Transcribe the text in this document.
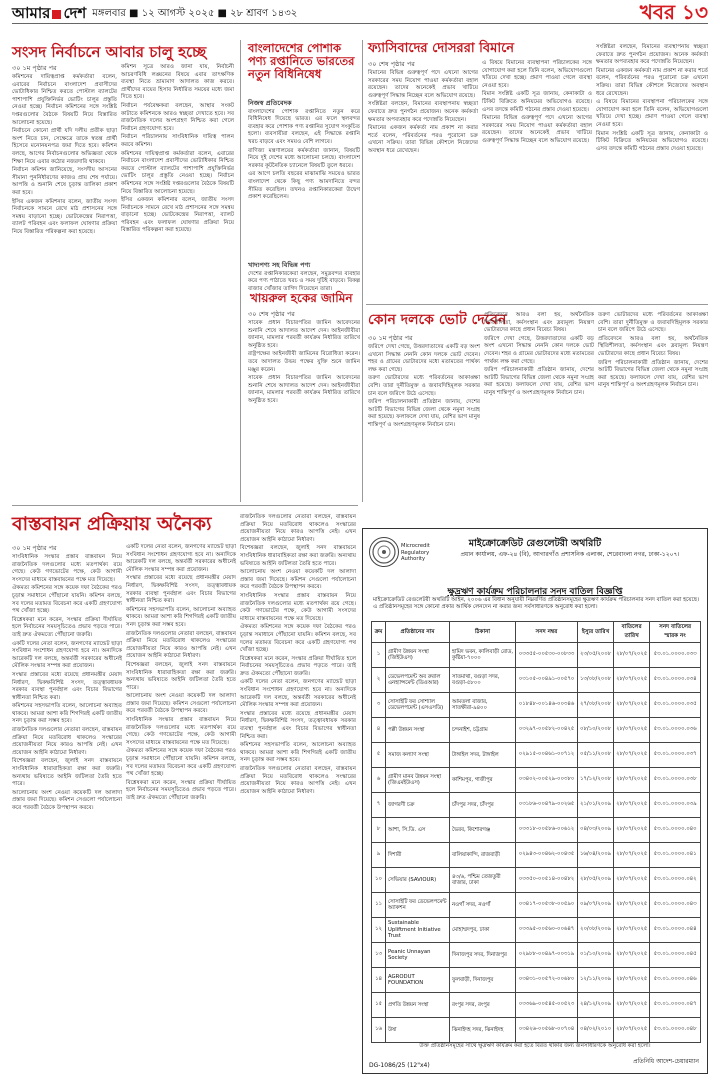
আমার দেশ মঙ্গলবার ■ ১২ আগস্ট ২০২৫ ■ ২৮ শ্রাবণ ১৪৩২	খবর ১৩
সংসদ নির্বাচনে আবার চালু হচ্ছে

৩০ ১ম পৃষ্ঠার পর

কমিশনের দায়িত্বপ্রাপ্ত কর্মকর্তারা বলেন, এবারের নির্বাচনে বাংলাদেশ প্রবাসীদের ভোটাধিকার নিশ্চিত করতে পোস্টাল ব্যালটের পাশাপাশি প্রযুক্তিনির্ভর ভোটিং চালুর প্রস্তুতি নেওয়া হচ্ছে। নির্বাচন কমিশনের সঙ্গে সংশ্লিষ্ট দপ্তরগুলোর বৈঠকে বিষয়টি নিয়ে বিস্তারিত আলোচনা হয়েছে।

নির্বাচনে কোনো প্রার্থী যদি দলীয় প্রতীক ছাড়া অংশ নিতে চান, সেক্ষেত্রে তাকে স্বতন্ত্র প্রার্থী হিসেবে মনোনয়নপত্র জমা দিতে হবে। কমিশন বলছে, আগের নির্বাচনগুলোর অভিজ্ঞতা থেকে শিক্ষা নিয়ে এবার কঠোর নজরদারি থাকবে।

নির্বাচন কমিশন জানিয়েছে, সংসদীয় আসনের সীমানা পুনর্নির্ধারণের কাজও প্রায় শেষ পর্যায়ে। আপত্তি ও শুনানি শেষে চূড়ান্ত তালিকা প্রকাশ করা হবে।

ইসির একজন কমিশনার বলেন, জাতীয় সংসদ নির্বাচনকে সামনে রেখে মাঠ প্রশাসনের সঙ্গে সমন্বয় বাড়ানো হচ্ছে। ভোটকেন্দ্রের নিরাপত্তা, ব্যালট পরিবহন এবং ফলাফল ঘোষণার প্রক্রিয়া নিয়ে বিস্তারিত পরিকল্পনা করা হয়েছে।

কমিশন সূত্রে আরও জানা যায়, নির্বাচনী আচরণবিধি লঙ্ঘনের বিষয়ে এবার তাৎক্ষণিক ব্যবস্থা নিতে ভ্রাম্যমাণ আদালত কাজ করবে। প্রার্থীদের ব্যয়ের হিসাব নির্ধারিত সময়ের মধ্যে জমা দিতে হবে।

নির্বাচন পর্যবেক্ষকরা বলছেন, আস্থার সংকট কাটাতে কমিশনকে আরও স্বচ্ছতা দেখাতে হবে। সব রাজনৈতিক দলের অংশগ্রহণ নিশ্চিত করা গেলে নির্বাচন গ্রহণযোগ্য হবে।

নির্বাচন পরিচালনায় সাংবিধানিক দায়িত্ব পালন করবে কমিশন।

কমিশনের দায়িত্বপ্রাপ্ত কর্মকর্তারা বলেন, এবারের নির্বাচনে বাংলাদেশ প্রবাসীদের ভোটাধিকার নিশ্চিত করতে পোস্টাল ব্যালটের পাশাপাশি প্রযুক্তিনির্ভর ভোটিং চালুর প্রস্তুতি নেওয়া হচ্ছে। নির্বাচন কমিশনের সঙ্গে সংশ্লিষ্ট দপ্তরগুলোর বৈঠকে বিষয়টি নিয়ে বিস্তারিত আলোচনা হয়েছে।

ইসির একজন কমিশনার বলেন, জাতীয় সংসদ নির্বাচনকে সামনে রেখে মাঠ প্রশাসনের সঙ্গে সমন্বয় বাড়ানো হচ্ছে। ভোটকেন্দ্রের নিরাপত্তা, ব্যালট পরিবহন এবং ফলাফল ঘোষণার প্রক্রিয়া নিয়ে বিস্তারিত পরিকল্পনা করা হয়েছে।

বাংলাদেশের পোশাক পণ্য রপ্তানিতে ভারতের নতুন বিধিনিষেধ

নিজস্ব প্রতিবেদক

বাংলাদেশের পোশাক রপ্তানিতে নতুন করে বিধিনিষেধ দিয়েছে ভারত। এর ফলে স্থলবন্দর ব্যবহার করে পোশাক পণ্য রপ্তানির সুযোগ সংকুচিত হলো। ব্যবসায়ীরা বলছেন, এই সিদ্ধান্তে রপ্তানি খরচ বাড়বে এবং সময়ও বেশি লাগবে।

বাণিজ্য মন্ত্রণালয়ের কর্মকর্তারা জানান, বিষয়টি নিয়ে দুই দেশের মধ্যে আলোচনা চলছে। বাংলাদেশ সরকার কূটনৈতিক চ্যানেলে বিষয়টি তুলে ধরবে।

এর আগে চলতি বছরের মাঝামাঝি সময়েও ভারত বাংলাদেশ থেকে কিছু পণ্য আমদানিতে বন্দর সীমিত করেছিল। তখনও রপ্তানিকারকেরা উদ্বেগ প্রকাশ করেছিলেন।

খাদ্যপণ্য সহ বিভিন্ন পণ্য

দেশের রপ্তানিকারকেরা বলছেন, সমুদ্রবন্দর ব্যবহার করে পণ্য পাঠাতে খরচ ও সময় দুটিই বাড়বে। বিকল্প বাজার খোঁজার তাগিদ দিয়েছেন তারা।

খায়রুল হকের জামিন

৩০ শেষ পৃষ্ঠার পর

সাবেক প্রধান বিচারপতির জামিন আবেদনের শুনানি শেষে আদালত আদেশ দেন। আইনজীবীরা জানান, মামলার পরবর্তী কার্যক্রম নির্ধারিত তারিখে অনুষ্ঠিত হবে।

রাষ্ট্রপক্ষের আইনজীবী জামিনের বিরোধিতা করেন। তবে আদালত উভয় পক্ষের যুক্তি শুনে জামিন মঞ্জুর করেন।

সাবেক প্রধান বিচারপতির জামিন আবেদনের শুনানি শেষে আদালত আদেশ দেন। আইনজীবীরা জানান, মামলার পরবর্তী কার্যক্রম নির্ধারিত তারিখে অনুষ্ঠিত হবে।

ফ্যাসিবাদের দোসররা বিমানে

৩০ শেষ পৃষ্ঠার পর

বিমানের বিভিন্ন গুরুত্বপূর্ণ পদে এখনো আগের সরকারের সময় নিয়োগ পাওয়া কর্মকর্তারা বহাল রয়েছেন। তাদের অনেকেই প্রভাব খাটিয়ে গুরুত্বপূর্ণ সিদ্ধান্ত নিচ্ছেন বলে অভিযোগ রয়েছে।

সংশ্লিষ্টরা বলছেন, বিমানের ব্যবস্থাপনায় স্বচ্ছতা ফেরাতে দ্রুত পুনর্গঠন প্রয়োজন। অনেক কর্মকর্তা ক্ষমতার অপব্যবহার করে পদোন্নতি নিয়েছেন।

বিমানের একজন কর্মকর্তা নাম প্রকাশ না করার শর্তে বলেন, পরিবর্তনের পরও পুরোনো চক্র এখনো সক্রিয়। তারা বিভিন্ন কৌশলে নিজেদের অবস্থান ধরে রেখেছেন।

এ বিষয়ে বিমানের ব্যবস্থাপনা পরিচালকের সঙ্গে যোগাযোগ করা হলে তিনি বলেন, অভিযোগগুলো খতিয়ে দেখা হচ্ছে। প্রমাণ পাওয়া গেলে ব্যবস্থা নেওয়া হবে।

বিমান সংশ্লিষ্ট একটি সূত্র জানায়, কেনাকাটা ও টিকিট বিক্রিতে অনিয়মের অভিযোগও রয়েছে। এসব তদন্তে কমিটি গঠনের প্রস্তাব দেওয়া হয়েছে।

বিমানের বিভিন্ন গুরুত্বপূর্ণ পদে এখনো আগের সরকারের সময় নিয়োগ পাওয়া কর্মকর্তারা বহাল রয়েছেন। তাদের অনেকেই প্রভাব খাটিয়ে গুরুত্বপূর্ণ সিদ্ধান্ত নিচ্ছেন বলে অভিযোগ রয়েছে।

সংশ্লিষ্টরা বলছেন, বিমানের ব্যবস্থাপনায় স্বচ্ছতা ফেরাতে দ্রুত পুনর্গঠন প্রয়োজন। অনেক কর্মকর্তা ক্ষমতার অপব্যবহার করে পদোন্নতি নিয়েছেন।

বিমানের একজন কর্মকর্তা নাম প্রকাশ না করার শর্তে বলেন, পরিবর্তনের পরও পুরোনো চক্র এখনো সক্রিয়। তারা বিভিন্ন কৌশলে নিজেদের অবস্থান ধরে রেখেছেন।

এ বিষয়ে বিমানের ব্যবস্থাপনা পরিচালকের সঙ্গে যোগাযোগ করা হলে তিনি বলেন, অভিযোগগুলো খতিয়ে দেখা হচ্ছে। প্রমাণ পাওয়া গেলে ব্যবস্থা নেওয়া হবে।

বিমান সংশ্লিষ্ট একটি সূত্র জানায়, কেনাকাটা ও টিকিট বিক্রিতে অনিয়মের অভিযোগও রয়েছে। এসব তদন্তে কমিটি গঠনের প্রস্তাব দেওয়া হয়েছে।

কোন দলকে ভোট দেবেন

৩০ ১ম পৃষ্ঠার পর

জরিপে দেখা গেছে, উত্তরদাতাদের একটি বড় অংশ এখনো সিদ্ধান্ত নেননি কোন দলকে ভোট দেবেন। শহর ও গ্রামের ভোটারদের মধ্যে মতামতের পার্থক্য লক্ষ করা গেছে।

তরুণ ভোটারদের মধ্যে পরিবর্তনের আকাঙ্ক্ষা বেশি। তারা দুর্নীতিমুক্ত ও জবাবদিহিমূলক সরকার চান বলে জরিপে উঠে এসেছে।

জরিপ পরিচালনাকারী প্রতিষ্ঠান জানায়, দেশের আটটি বিভাগের বিভিন্ন জেলা থেকে নমুনা সংগ্রহ করা হয়েছে। ফলাফলে দেখা যায়, বেশির ভাগ মানুষ শান্তিপূর্ণ ও অংশগ্রহণমূলক নির্বাচন চান।

প্রতিবেদনে আরও বলা হয়, অর্থনৈতিক স্থিতিশীলতা, কর্মসংস্থান এবং দ্রব্যমূল্য নিয়ন্ত্রণ ভোটারদের কাছে প্রধান বিবেচ্য বিষয়।

জরিপে দেখা গেছে, উত্তরদাতাদের একটি বড় অংশ এখনো সিদ্ধান্ত নেননি কোন দলকে ভোট দেবেন। শহর ও গ্রামের ভোটারদের মধ্যে মতামতের পার্থক্য লক্ষ করা গেছে।

জরিপ পরিচালনাকারী প্রতিষ্ঠান জানায়, দেশের আটটি বিভাগের বিভিন্ন জেলা থেকে নমুনা সংগ্রহ করা হয়েছে। ফলাফলে দেখা যায়, বেশির ভাগ মানুষ শান্তিপূর্ণ ও অংশগ্রহণমূলক নির্বাচন চান।

তরুণ ভোটারদের মধ্যে পরিবর্তনের আকাঙ্ক্ষা বেশি। তারা দুর্নীতিমুক্ত ও জবাবদিহিমূলক সরকার চান বলে জরিপে উঠে এসেছে।

প্রতিবেদনে আরও বলা হয়, অর্থনৈতিক স্থিতিশীলতা, কর্মসংস্থান এবং দ্রব্যমূল্য নিয়ন্ত্রণ ভোটারদের কাছে প্রধান বিবেচ্য বিষয়।

জরিপ পরিচালনাকারী প্রতিষ্ঠান জানায়, দেশের আটটি বিভাগের বিভিন্ন জেলা থেকে নমুনা সংগ্রহ করা হয়েছে। ফলাফলে দেখা যায়, বেশির ভাগ মানুষ শান্তিপূর্ণ ও অংশগ্রহণমূলক নির্বাচন চান।

বাস্তবায়ন প্রক্রিয়ায় অনৈক্য

৩০ ১ম পৃষ্ঠার পর

সাংবিধানিক সংস্কার প্রস্তাব বাস্তবায়ন নিয়ে রাজনৈতিক দলগুলোর মধ্যে মতপার্থক্য রয়ে গেছে। কেউ গণভোটের পক্ষে, কেউ আগামী সংসদের মাধ্যমে বাস্তবায়নের পক্ষে মত দিয়েছে।

ঐকমত্য কমিশনের সঙ্গে কয়েক দফা বৈঠকের পরও চূড়ান্ত সমাধানে পৌঁছানো যায়নি। কমিশন বলছে, সব দলের মতামত বিবেচনা করে একটি গ্রহণযোগ্য পথ খোঁজা হচ্ছে।

বিশ্লেষকরা মনে করেন, সংস্কার প্রক্রিয়া দীর্ঘায়িত হলে নির্বাচনের সময়সূচিতেও প্রভাব পড়তে পারে। তাই দ্রুত ঐকমত্যে পৌঁছানো জরুরি।

একটি দলের নেতা বলেন, জনগণের ম্যান্ডেট ছাড়া সংবিধান সংশোধন গ্রহণযোগ্য হবে না। অন্যদিকে আরেকটি দল বলছে, অন্তর্বর্তী সরকারের অধীনেই মৌলিক সংস্কার সম্পন্ন করা প্রয়োজন।

সংস্কার প্রস্তাবের মধ্যে রয়েছে প্রধানমন্ত্রীর মেয়াদ নির্ধারণ, দ্বিকক্ষবিশিষ্ট সংসদ, তত্ত্বাবধায়ক সরকার ব্যবস্থা পুনর্বহাল এবং বিচার বিভাগের স্বাধীনতা নিশ্চিত করা।

কমিশনের সহসভাপতি বলেন, আলোচনা অব্যাহত থাকবে। আমরা আশা করি শিগগিরই একটি জাতীয় সনদ চূড়ান্ত করা সম্ভব হবে।

রাজনৈতিক দলগুলোর নেতারা বলছেন, বাস্তবায়ন প্রক্রিয়া নিয়ে মতবিরোধ থাকলেও সংস্কারের প্রয়োজনীয়তা নিয়ে কারও আপত্তি নেই। এখন প্রয়োজন আইনি কাঠামো নির্ধারণ।

বিশেষজ্ঞরা বলছেন, জুলাই সনদ বাস্তবায়নে সাংবিধানিক ধারাবাহিকতা রক্ষা করা জরুরি। অন্যথায় ভবিষ্যতে আইনি জটিলতা তৈরি হতে পারে।

আলোচনায় অংশ নেওয়া কয়েকটি দল আলাদা প্রস্তাব জমা দিয়েছে। কমিশন সেগুলো পর্যালোচনা করে পরবর্তী বৈঠকে উপস্থাপন করবে।

একটি দলের নেতা বলেন, জনগণের ম্যান্ডেট ছাড়া সংবিধান সংশোধন গ্রহণযোগ্য হবে না। অন্যদিকে আরেকটি দল বলছে, অন্তর্বর্তী সরকারের অধীনেই মৌলিক সংস্কার সম্পন্ন করা প্রয়োজন।

সংস্কার প্রস্তাবের মধ্যে রয়েছে প্রধানমন্ত্রীর মেয়াদ নির্ধারণ, দ্বিকক্ষবিশিষ্ট সংসদ, তত্ত্বাবধায়ক সরকার ব্যবস্থা পুনর্বহাল এবং বিচার বিভাগের স্বাধীনতা নিশ্চিত করা।

কমিশনের সহসভাপতি বলেন, আলোচনা অব্যাহত থাকবে। আমরা আশা করি শিগগিরই একটি জাতীয় সনদ চূড়ান্ত করা সম্ভব হবে।

রাজনৈতিক দলগুলোর নেতারা বলছেন, বাস্তবায়ন প্রক্রিয়া নিয়ে মতবিরোধ থাকলেও সংস্কারের প্রয়োজনীয়তা নিয়ে কারও আপত্তি নেই। এখন প্রয়োজন আইনি কাঠামো নির্ধারণ।

বিশেষজ্ঞরা বলছেন, জুলাই সনদ বাস্তবায়নে সাংবিধানিক ধারাবাহিকতা রক্ষা করা জরুরি। অন্যথায় ভবিষ্যতে আইনি জটিলতা তৈরি হতে পারে।

আলোচনায় অংশ নেওয়া কয়েকটি দল আলাদা প্রস্তাব জমা দিয়েছে। কমিশন সেগুলো পর্যালোচনা করে পরবর্তী বৈঠকে উপস্থাপন করবে।

সাংবিধানিক সংস্কার প্রস্তাব বাস্তবায়ন নিয়ে রাজনৈতিক দলগুলোর মধ্যে মতপার্থক্য রয়ে গেছে। কেউ গণভোটের পক্ষে, কেউ আগামী সংসদের মাধ্যমে বাস্তবায়নের পক্ষে মত দিয়েছে।

ঐকমত্য কমিশনের সঙ্গে কয়েক দফা বৈঠকের পরও চূড়ান্ত সমাধানে পৌঁছানো যায়নি। কমিশন বলছে, সব দলের মতামত বিবেচনা করে একটি গ্রহণযোগ্য পথ খোঁজা হচ্ছে।

বিশ্লেষকরা মনে করেন, সংস্কার প্রক্রিয়া দীর্ঘায়িত হলে নির্বাচনের সময়সূচিতেও প্রভাব পড়তে পারে। তাই দ্রুত ঐকমত্যে পৌঁছানো জরুরি।

রাজনৈতিক দলগুলোর নেতারা বলছেন, বাস্তবায়ন প্রক্রিয়া নিয়ে মতবিরোধ থাকলেও সংস্কারের প্রয়োজনীয়তা নিয়ে কারও আপত্তি নেই। এখন প্রয়োজন আইনি কাঠামো নির্ধারণ।

বিশেষজ্ঞরা বলছেন, জুলাই সনদ বাস্তবায়নে সাংবিধানিক ধারাবাহিকতা রক্ষা করা জরুরি। অন্যথায় ভবিষ্যতে আইনি জটিলতা তৈরি হতে পারে।

আলোচনায় অংশ নেওয়া কয়েকটি দল আলাদা প্রস্তাব জমা দিয়েছে। কমিশন সেগুলো পর্যালোচনা করে পরবর্তী বৈঠকে উপস্থাপন করবে।

সাংবিধানিক সংস্কার প্রস্তাব বাস্তবায়ন নিয়ে রাজনৈতিক দলগুলোর মধ্যে মতপার্থক্য রয়ে গেছে। কেউ গণভোটের পক্ষে, কেউ আগামী সংসদের মাধ্যমে বাস্তবায়নের পক্ষে মত দিয়েছে।

ঐকমত্য কমিশনের সঙ্গে কয়েক দফা বৈঠকের পরও চূড়ান্ত সমাধানে পৌঁছানো যায়নি। কমিশন বলছে, সব দলের মতামত বিবেচনা করে একটি গ্রহণযোগ্য পথ খোঁজা হচ্ছে।

বিশ্লেষকরা মনে করেন, সংস্কার প্রক্রিয়া দীর্ঘায়িত হলে নির্বাচনের সময়সূচিতেও প্রভাব পড়তে পারে। তাই দ্রুত ঐকমত্যে পৌঁছানো জরুরি।

একটি দলের নেতা বলেন, জনগণের ম্যান্ডেট ছাড়া সংবিধান সংশোধন গ্রহণযোগ্য হবে না। অন্যদিকে আরেকটি দল বলছে, অন্তর্বর্তী সরকারের অধীনেই মৌলিক সংস্কার সম্পন্ন করা প্রয়োজন।

সংস্কার প্রস্তাবের মধ্যে রয়েছে প্রধানমন্ত্রীর মেয়াদ নির্ধারণ, দ্বিকক্ষবিশিষ্ট সংসদ, তত্ত্বাবধায়ক সরকার ব্যবস্থা পুনর্বহাল এবং বিচার বিভাগের স্বাধীনতা নিশ্চিত করা।

কমিশনের সহসভাপতি বলেন, আলোচনা অব্যাহত থাকবে। আমরা আশা করি শিগগিরই একটি জাতীয় সনদ চূড়ান্ত করা সম্ভব হবে।

রাজনৈতিক দলগুলোর নেতারা বলছেন, বাস্তবায়ন প্রক্রিয়া নিয়ে মতবিরোধ থাকলেও সংস্কারের প্রয়োজনীয়তা নিয়ে কারও আপত্তি নেই। এখন প্রয়োজন আইনি কাঠামো নির্ধারণ।

Microcredit Regulatory Authority
মাইক্রোক্রেডিট রেগুলেটরী অথরিটি
প্রধান কার্যালয়, এফ-২৪ (বি), আগারগাঁও প্রশাসনিক এলাকা, শেরেবাংলা নগর, ঢাকা-১২০৭।
ক্ষুদ্রঋণ কার্যক্রম পরিচালনার সনদ বাতিল বিজ্ঞপ্তি
মাইক্রোক্রেডিট রেগুলেটরী অথরিটি আইন, ২০০৬ এর বিধান অনুযায়ী নিম্নবর্ণিত প্রতিষ্ঠানসমূহের ক্ষুদ্রঋণ কার্যক্রম পরিচালনার সনদ বাতিল করা হয়েছে। এ প্রতিষ্ঠানসমূহের সঙ্গে কোনো প্রকার আর্থিক লেনদেন না করার জন্য সর্বসাধারণকে অনুরোধ করা হলো।
ক্রম	প্রতিষ্ঠানের নাম	ঠিকানা	সনদ নম্বর	ইস্যুর তারিখ	বাতিলের তারিখ	সনদ বাতিলের স্মারক নং
১	গ্রামীণ উন্নয়ন সংস্থা (জিইউএস)	হামিদ ভবন, কালিবাড়ী রোড, কুষ্টিয়া-৭০০০	০৩৩৫৫-০০৫৩০-০০৮৩৩	২৩/০৫/২০০৮	২৮/০৭/২০২৫	৫৩.০১.০০০০.০৩৩
২	ডেভেলপমেন্ট অব রুরাল এনহ্যান্সমেন্ট (ডিওআর)	সাতমাথা, বগুড়া সদর, বগুড়া-৫৮০০	০৩১০৫-০০৪৯১-০০৫৭০	১৩/০৮/২০০৮	২৮/০৭/২০২৫	৫৩.০১.০০০০.০৩৪
৩	সোসাইটি ফর সোশ্যাল ডেভেলপমেন্ট (এসএসডি)	আমতলা বাজার, সাতক্ষীরা-৯৪০০	০১৮৪৮-০০১৪৬-০০৩৪৬	২৭/০৮/২০০৮	২৮/০৭/২০২৫	৫৩.০১.০০০০.০৩৫
৪	পল্লী উন্নয়ন সংস্থা	চন্দনাইশ, চট্টগ্রাম	০৩২৯৭-০০৫৮২-০০৪২৫	০৮/১০/২০০৮	২৮/০৭/২০২৫	৫৩.০১.০০০০.০৩৬
৫	সমাজ কল্যাণ সংস্থা	টাঙ্গাইল সদর, টাঙ্গাইল	০২৯১৫-০০৪৬১-০০৭১২	০৫/১১/২০০৮	২৮/০৭/২০২৫	৫৩.০১.০০০০.০৩৭
৬	গ্রামীণ মানব উন্নয়ন সংস্থা (জিএমইউএস)	কাশিমপুর, গাজীপুর	০৩৪০২-০০৫২৯-০০৩৮০	১৭/১২/২০০৮	২৮/০৭/২০২৫	৫৩.০১.০০০০.০৩৮
৭	জাগরণী চক্র	চাঁদপুর সদর, চাঁদপুর	০৩১৮৬-০০৪৭৯-০০২৬৫	২১/০১/২০০৯	২৮/০৭/২০২৫	৫৩.০১.০০০০.০৩৯
৮	আশা, সি.ডি. এস	ভৈরব, কিশোরগঞ্জ	০৩৩১৮-০০৫৮৬-০০৬১২	০৪/০৩/২০০৯	২৮/০৭/২০২৫	৫৩.০১.০০০০.০৪০
৯	দিশারী	বালিয়াকান্দি, রাজবাড়ী	০২৯৪৩-০০৪৬২-০০৪৩৫	১৬/০৪/২০০৯	২৮/০৭/২০২৫	৫৩.০১.০০০০.০৪১
১০	সেভিয়ার (SAVIOUR)	৪৩/৬, পশ্চিম তেজতুরী বাজার, ঢাকা	০৩৩৫০-০০৫১৪-০০৪৮২	২৮/০৫/২০০৯	২৮/০৭/২০২৫	৫৩.০১.০০০০.০৪২
১১	সোসাইটি ফর ডেভেলপমেন্ট অ্যাকশন	নওগাঁ সদর, নওগাঁ	০৩৪১৭-০০৫৩৮-০০৫৯০	০৯/০৭/২০০৯	২৮/০৭/২০২৫	৫৩.০১.০০০০.০৪৩
১২	Sustainable Upliftment Initiative Trust	মোহাম্মদপুর, ঢাকা	০৩৩৯৫-০০৫৬০-০০৬৪৭	২০/০৮/২০০৯	২৮/০৭/২০২৫	৫৩.০১.০০০০.০৪৪
১৩	Peanic Unnayan Society	দিনাজপুর সদর, দিনাজপুর	০২৯৮৮-০০৪৯৭-০০৩১৯	০১/১০/২০০৯	২৮/০৭/২০২৫	৫৩.০১.০০০০.০৪৫
১৪	AGRODUT FOUNDATION	ফুলবাড়ী, দিনাজপুর	০৩৪৩১-০০৫৭২-০০৬৮০	১২/১১/২০০৯	২৮/০৭/২০২৫	৫৩.০১.০০০০.০৪৬
১৫	প্রগতি উন্নয়ন সংস্থা	রংপুর সদর, রংপুর	০৩৩৬৯-০০৫৪৫-০০৫২৩	২৪/১২/২০০৯	২৮/০৭/২০২৫	৫৩.০১.০০০০.০৪৭
১৬	উষা	ঝিনাইদহ সদর, ঝিনাইদহ	০৩৪২৬-০০৫৬৮-০০৭০৪	০৪/০২/২০১০	২৮/০৭/২০২৫	৫৩.০১.০০০০.০৪৮
উক্ত প্রতিষ্ঠানসমূহের সাথে ক্ষুদ্রঋণ কার্যক্রম করা হতে বিরত থাকার জন্য জনসাধারণকে অনুরোধ করা হলো।
DG-1086/25 (12"x4)
প্রতিনিধি আদেশ-চেয়ারম্যান
